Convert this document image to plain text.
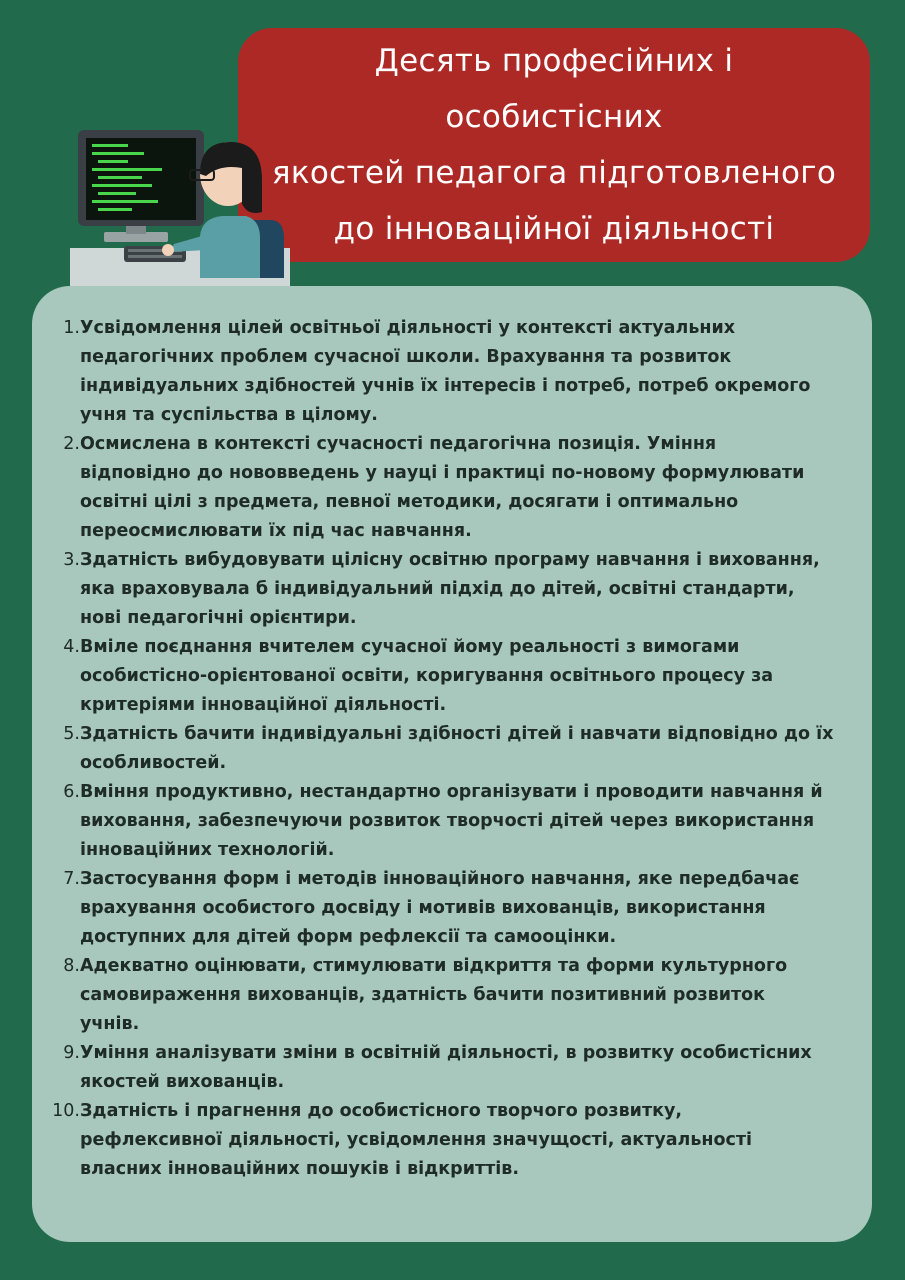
Десять професійних і особистісних
якостей педагога підготовленого
до інноваційної діяльності
1. Усвідомлення цілей освітньої діяльності у контексті актуальних
педагогічних проблем сучасної школи. Врахування та розвиток
індивідуальних здібностей учнів їх інтересів і потреб, потреб окремого
учня та суспільства в цілому.
2. Осмислена в контексті сучасності педагогічна позиція. Уміння
відповідно до нововведень у науці і практиці по-новому формулювати
освітні цілі з предмета, певної методики, досягати і оптимально
переосмислювати їх під час навчання.
3. Здатність вибудовувати цілісну освітню програму навчання і виховання,
яка враховувала б індивідуальний підхід до дітей, освітні стандарти,
нові педагогічні орієнтири.
4. Вміле поєднання вчителем сучасної йому реальності з вимогами
особистісно-орієнтованої освіти, коригування освітнього процесу за
критеріями інноваційної діяльності.
5. Здатність бачити індивідуальні здібності дітей і навчати відповідно до їх
особливостей.
6. Вміння продуктивно, нестандартно організувати і проводити навчання й
виховання, забезпечуючи розвиток творчості дітей через використання
інноваційних технологій.
7. Застосування форм і методів інноваційного навчання, яке передбачає
врахування особистого досвіду і мотивів вихованців, використання
доступних для дітей форм рефлексії та самооцінки.
8. Адекватно оцінювати, стимулювати відкриття та форми культурного
самовираження вихованців, здатність бачити позитивний розвиток
учнів.
9. Уміння аналізувати зміни в освітній діяльності, в розвитку особистісних
якостей вихованців.
10. Здатність і прагнення до особистісного творчого розвитку,
рефлексивної діяльності, усвідомлення значущості, актуальності
власних інноваційних пошуків і відкриттів.
